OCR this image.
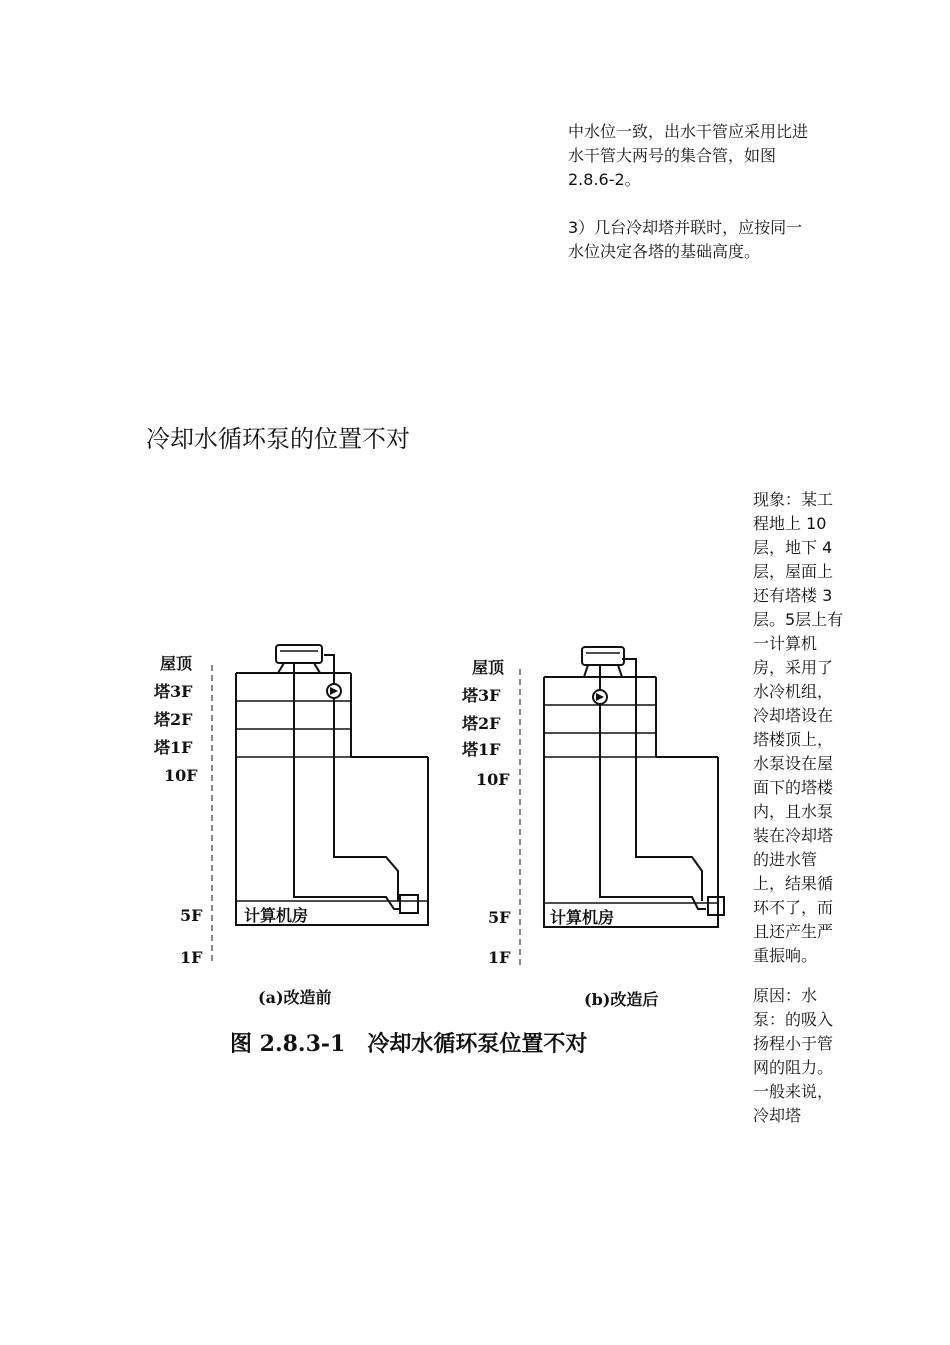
中水位一致，出水干管应采用比进水干管大两号的集合管，如图 2.8.6-2。

3）几台冷却塔并联时，应按同一水位决定各塔的基础高度。

冷却水循环泵的位置不对

现象：某工程地上 10 层，地下 4 层，屋面上还有塔楼 3 层。5层上有一计算机房，采用了水冷机组，冷却塔设在塔楼顶上，水泵设在屋面下的塔楼内，且水泵装在冷却塔的进水管上，结果循环不了，而且还产生严重振响。

原因：水泵：的吸入扬程小于管网的阻力。一般来说，冷却塔

屋顶
塔3F
塔2F
塔1F
10F
5F
1F
计算机房
屋顶
塔3F
塔2F
塔1F
10F
5F
1F
计算机房
(a)改造前	(b)改造后
图 2.8.3-1　冷却水循环泵位置不对
